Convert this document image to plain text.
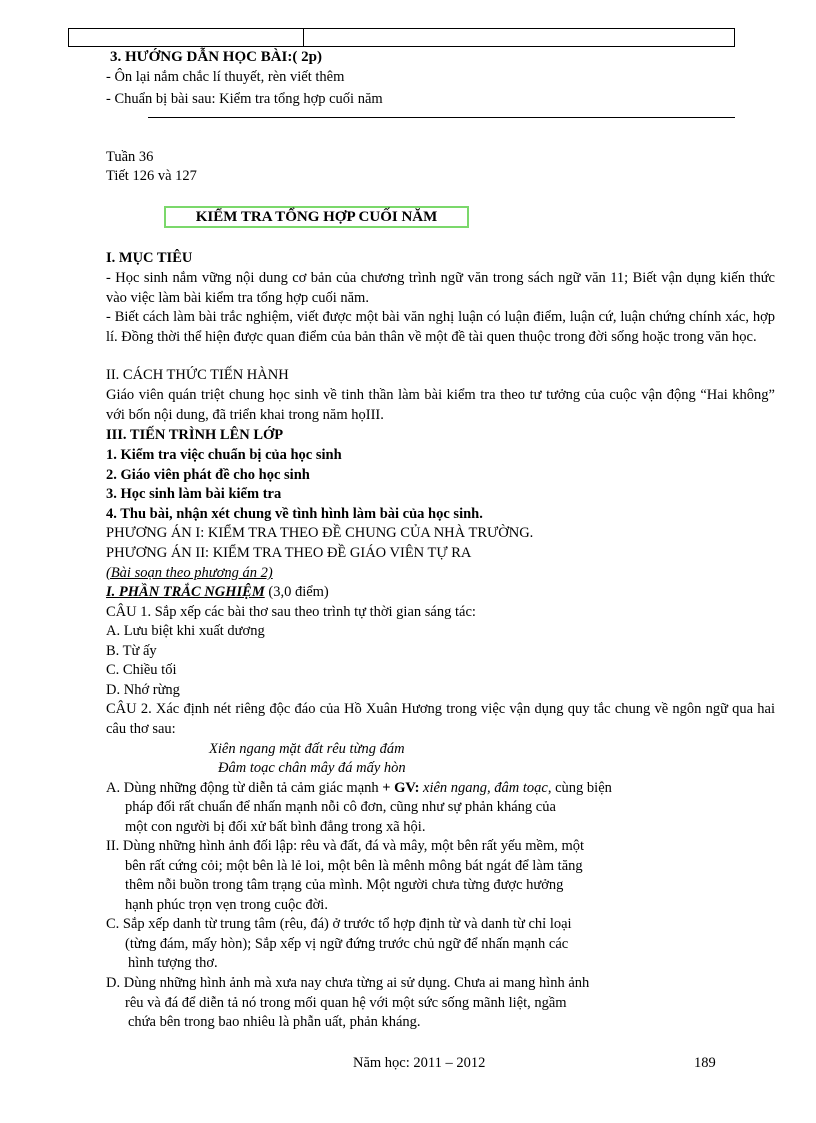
3. HƯỚNG DẪN HỌC BÀI:( 2p)
- Ôn lại nắm chắc lí thuyết, rèn viết thêm
- Chuẩn bị bài sau: Kiểm tra tổng hợp cuối năm
Tuần 36
Tiết 126 và 127
KIỂM TRA TỔNG HỢP CUỐI NĂM
I. MỤC TIÊU
- Học sinh nắm vững nội dung cơ bản của chương trình ngữ văn trong sách ngữ văn 11; Biết vận dụng kiến thức vào việc làm bài kiểm tra tổng hợp cuối năm.
- Biết cách làm bài trắc nghiệm, viết được một bài văn nghị luận có luận điểm, luận cứ, luận chứng chính xác, hợp lí. Đồng thời thể hiện được quan điểm của bản thân về một đề tài quen thuộc trong đời sống hoặc trong văn học.
II. CÁCH THỨC TIẾN HÀNH
Giáo viên quán triệt chung học sinh về tinh thần làm bài kiểm tra theo tư tưởng của cuộc vận động “Hai không” với bốn nội dung, đã triển khai trong năm họIII.
III. TIẾN TRÌNH LÊN LỚP
1. Kiểm tra việc chuẩn bị của học sinh
2. Giáo viên phát đề cho học sinh
3. Học sinh làm bài kiểm tra
4. Thu bài, nhận xét chung về tình hình làm bài của học sinh.
PHƯƠNG ÁN I: KIỂM TRA THEO ĐỀ CHUNG CỦA NHÀ TRƯỜNG.
PHƯƠNG ÁN II: KIỂM TRA THEO ĐỀ GIÁO VIÊN TỰ RA
(Bài soạn theo phương án 2)
I. PHẦN TRẮC NGHIỆM (3,0 điểm)
CÂU 1. Sắp xếp các bài thơ sau theo trình tự thời gian sáng tác:
A. Lưu biệt khi xuất dương
B. Từ ấy
C. Chiều tối
D. Nhớ rừng
CÂU 2. Xác định nét riêng độc đáo của Hồ Xuân Hương trong việc vận dụng quy tắc chung về ngôn ngữ qua hai câu thơ sau:
Xiên ngang mặt đất rêu từng đám
Đâm toạc chân mây đá mấy hòn
A. Dùng những động từ diễn tả cảm giác mạnh + GV: xiên ngang, đâm toạc, cùng biện
pháp đối rất chuẩn để nhấn mạnh nỗi cô đơn, cũng như sự phản kháng của
một con người bị đối xử bất bình đẳng trong xã hội.
II. Dùng những hình ảnh đối lập: rêu và đất, đá và mây, một bên rất yếu mềm, một
bên rất cứng cỏi; một bên là lẻ loi, một bên là mênh mông bát ngát để làm tăng
thêm nỗi buồn trong tâm trạng của mình. Một người chưa từng được hưởng
hạnh phúc trọn vẹn trong cuộc đời.
C. Sắp xếp danh từ trung tâm (rêu, đá) ở trước tổ hợp định từ và danh từ chỉ loại
(từng đám, mấy hòn); Sắp xếp vị ngữ đứng trước chủ ngữ để nhấn mạnh các
hình tượng thơ.
D. Dùng những hình ảnh mà xưa nay chưa từng ai sử dụng. Chưa ai mang hình ảnh
rêu và đá để diễn tả nó trong mối quan hệ với một sức sống mãnh liệt, ngầm
chứa bên trong bao nhiêu là phẫn uất, phản kháng.
Năm học: 2011 – 2012	189
